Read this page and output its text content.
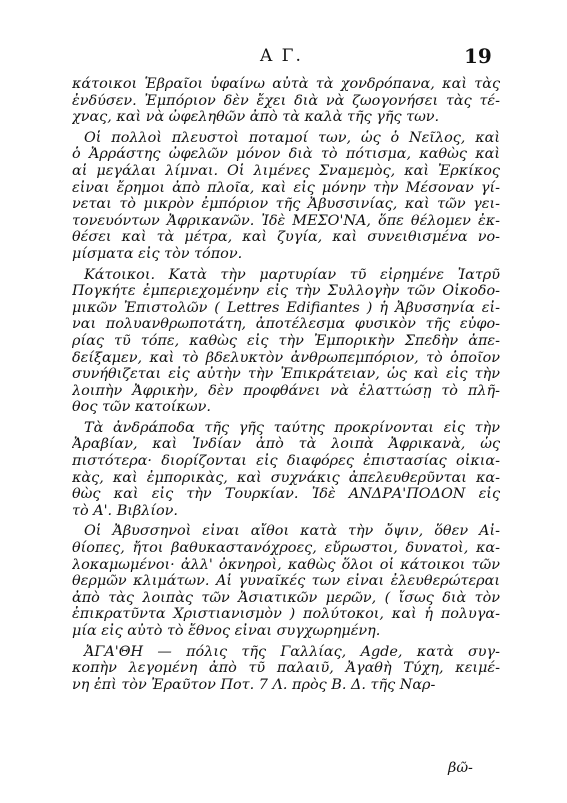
Α Γ.	19
κάτοικοι Ἑβραῖοι ὑφαίνω αὐτὰ τὰ χονδρόπανα, καὶ τὰς
ἐνδύσεν. Ἐμπόριον δὲν ἔχει διὰ νὰ ζωογονήσει τὰς τέ-
χνας, καὶ νὰ ὠφεληθῶν ἀπὸ τὰ καλὰ τῆς γῆς των.
Οἱ πολλοὶ πλευστοὶ ποταμοί των, ὡς ὁ Νεῖλος, καὶ
ὁ Ἀρράστης ὠφελῶν μόνον διὰ τὸ πότισμα, καθὼς καὶ
αἱ μεγάλαι λίμναι. Οἱ λιμένες Σναμεμὸς, καὶ Ἐρκίκος
εἶναι ἔρημοι ἀπὸ πλοῖα, καὶ εἰς μόνην τὴν Μέσοναν γί-
νεται τὸ μικρὸν ἐμπόριον τῆς Ἀβυσσινίας, καὶ τῶν γει-
τονευόντων Ἀφρικανῶν. Ἰδὲ ΜΕΣΟ'ΝΑ, ὅπε θέλομεν ἐκ-
θέσει καὶ τὰ μέτρα, καὶ ζυγία, καὶ συνειθισμένα νο-
μίσματα εἰς τὸν τόπον.
Κάτοικοι. Κατὰ τὴν μαρτυρίαν τῦ εἰρημένε Ἰατρῦ
Πογκήτε ἐμπεριεχομένην εἰς τὴν Συλλογὴν τῶν Οἰκοδο-
μικῶν Ἐπιστολῶν ( Lettres Edifiantes ) ἡ Ἀβυσσηνία εἶ-
ναι πολυανθρωποτάτη, ἀποτέλεσμα φυσικὸν τῆς εὐφο-
ρίας τῦ τόπε, καθὼς εἰς τὴν Ἐμπορικὴν Σπεδὴν ἀπε-
δείξαμεν, καὶ τὸ βδελυκτὸν ἀνθρωπεμπόριον, τὸ ὁποῖον
συνήθιζεται εἰς αὐτὴν τὴν Ἐπικράτειαν, ὡς καὶ εἰς τὴν
λοιπὴν Ἀφρικὴν, δὲν προφθάνει νὰ ἐλαττώσῃ τὸ πλῆ-
θος τῶν κατοίκων.
Τὰ ἀνδράποδα τῆς γῆς ταύτης προκρίνονται εἰς τὴν
Ἀραβίαν, καὶ Ἰνδίαν ἀπὸ τὰ λοιπὰ Ἀφρικανὰ, ὡς
πιστότερα· διορίζονται εἰς διαφόρες ἐπιστασίας οἰκια-
κὰς, καὶ ἐμπορικὰς, καὶ συχνάκις ἀπελευθερῦνται κα-
θὼς καὶ εἰς τὴν Τουρκίαν. Ἰδὲ ΑΝΔΡΑ'ΠΟΔΟΝ εἰς
τὸ Α'. Βιβλίον.
Οἱ Ἀβυσσηνοὶ εἶναι αἴθοι κατὰ τὴν ὄψιν, ὅθεν Αἰ-
θίοπες, ἤτοι βαθυκαστανόχροες, εὔρωστοι, δυνατοὶ, κα-
λοκαμωμένοι· ἀλλ' ὀκνηροὶ, καθὼς ὅλοι οἱ κάτοικοι τῶν
θερμῶν κλιμάτων. Αἱ γυναῖκές των εἶναι ἐλευθερώτεραι
ἀπὸ τὰς λοιπὰς τῶν Ἀσιατικῶν μερῶν, ( ἴσως διὰ τὸν
ἐπικρατῦντα Χριστιανισμὸν ) πολύτοκοι, καὶ ἡ πολυγα-
μία εἰς αὐτὸ τὸ ἔθνος εἶναι συγχωρημένη.
ἈΓΑ'ΘΗ — πόλις τῆς Γαλλίας, Agde, κατὰ συγ-
κοπὴν λεγομένη ἀπὸ τῦ παλαιῦ, Ἀγαθὴ Τύχη, κειμέ-
νη ἐπὶ τὸν Ἐραῦτον Ποτ. 7 Λ. πρὸς Β. Δ. τῆς Ναρ-
βῶ-
